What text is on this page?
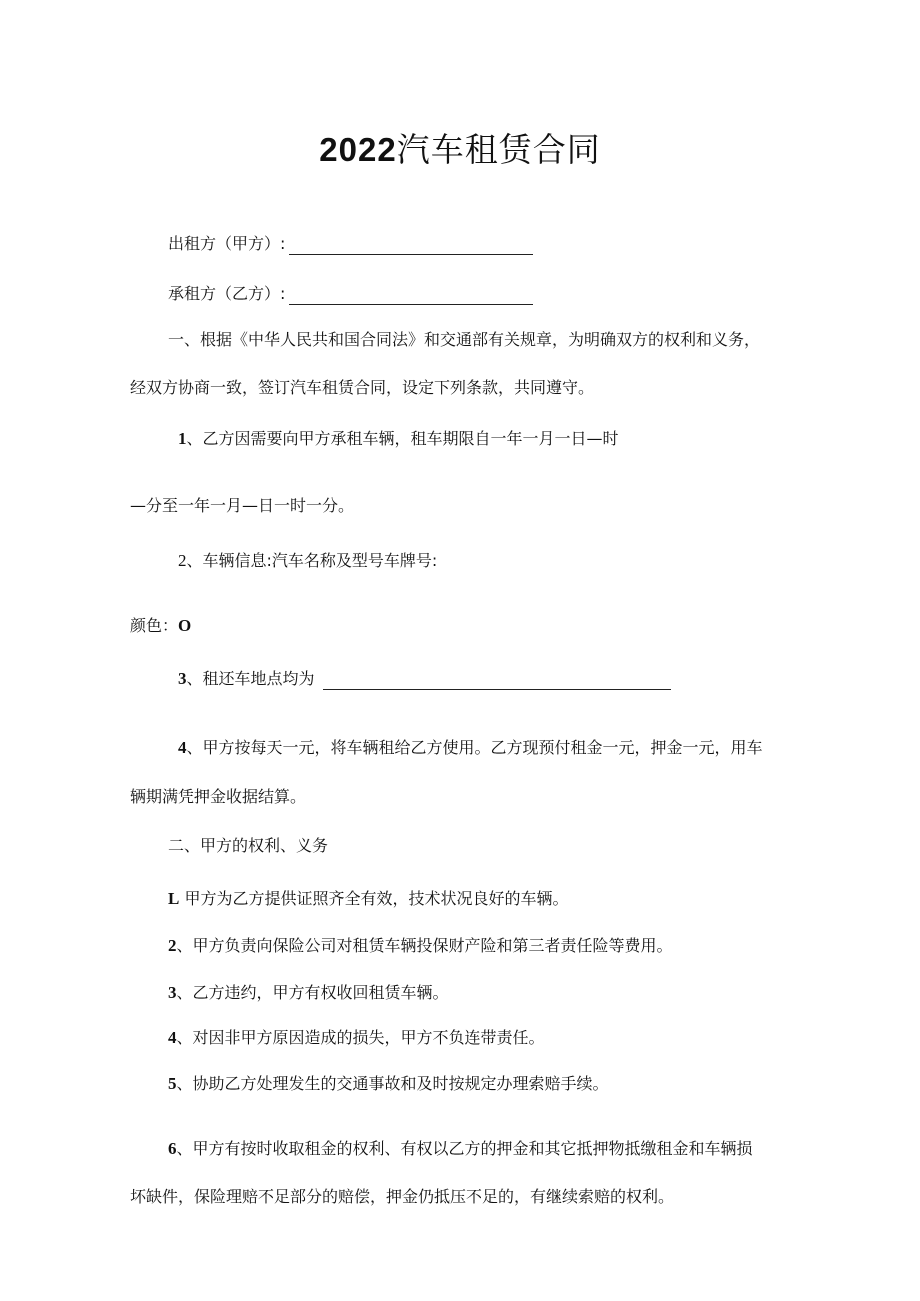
2022汽车租赁合同
出租方（甲方）:
承租方（乙方）:
一、根据《中华人民共和国合同法》和交通部有关规章，为明确双方的权利和义务，
经双方协商一致，签订汽车租赁合同，设定下列条款，共同遵守。
1、乙方因需要向甲方承租车辆，租车期限自一年一月一日—时
—分至一年一月—日一时一分。
2、车辆信息:汽车名称及型号车牌号:
颜色：O
3、租还车地点均为
4、甲方按每天一元，将车辆租给乙方使用。乙方现预付租金一元，押金一元，用车
辆期满凭押金收据结算。
二、甲方的权利、义务
L 甲方为乙方提供证照齐全有效，技术状况良好的车辆。
2、甲方负责向保险公司对租赁车辆投保财产险和第三者责任险等费用。
3、乙方违约，甲方有权收回租赁车辆。
4、对因非甲方原因造成的损失，甲方不负连带责任。
5、协助乙方处理发生的交通事故和及时按规定办理索赔手续。
6、甲方有按时收取租金的权利、有权以乙方的押金和其它抵押物抵缴租金和车辆损
坏缺件，保险理赔不足部分的赔偿，押金仍抵压不足的，有继续索赔的权利。
